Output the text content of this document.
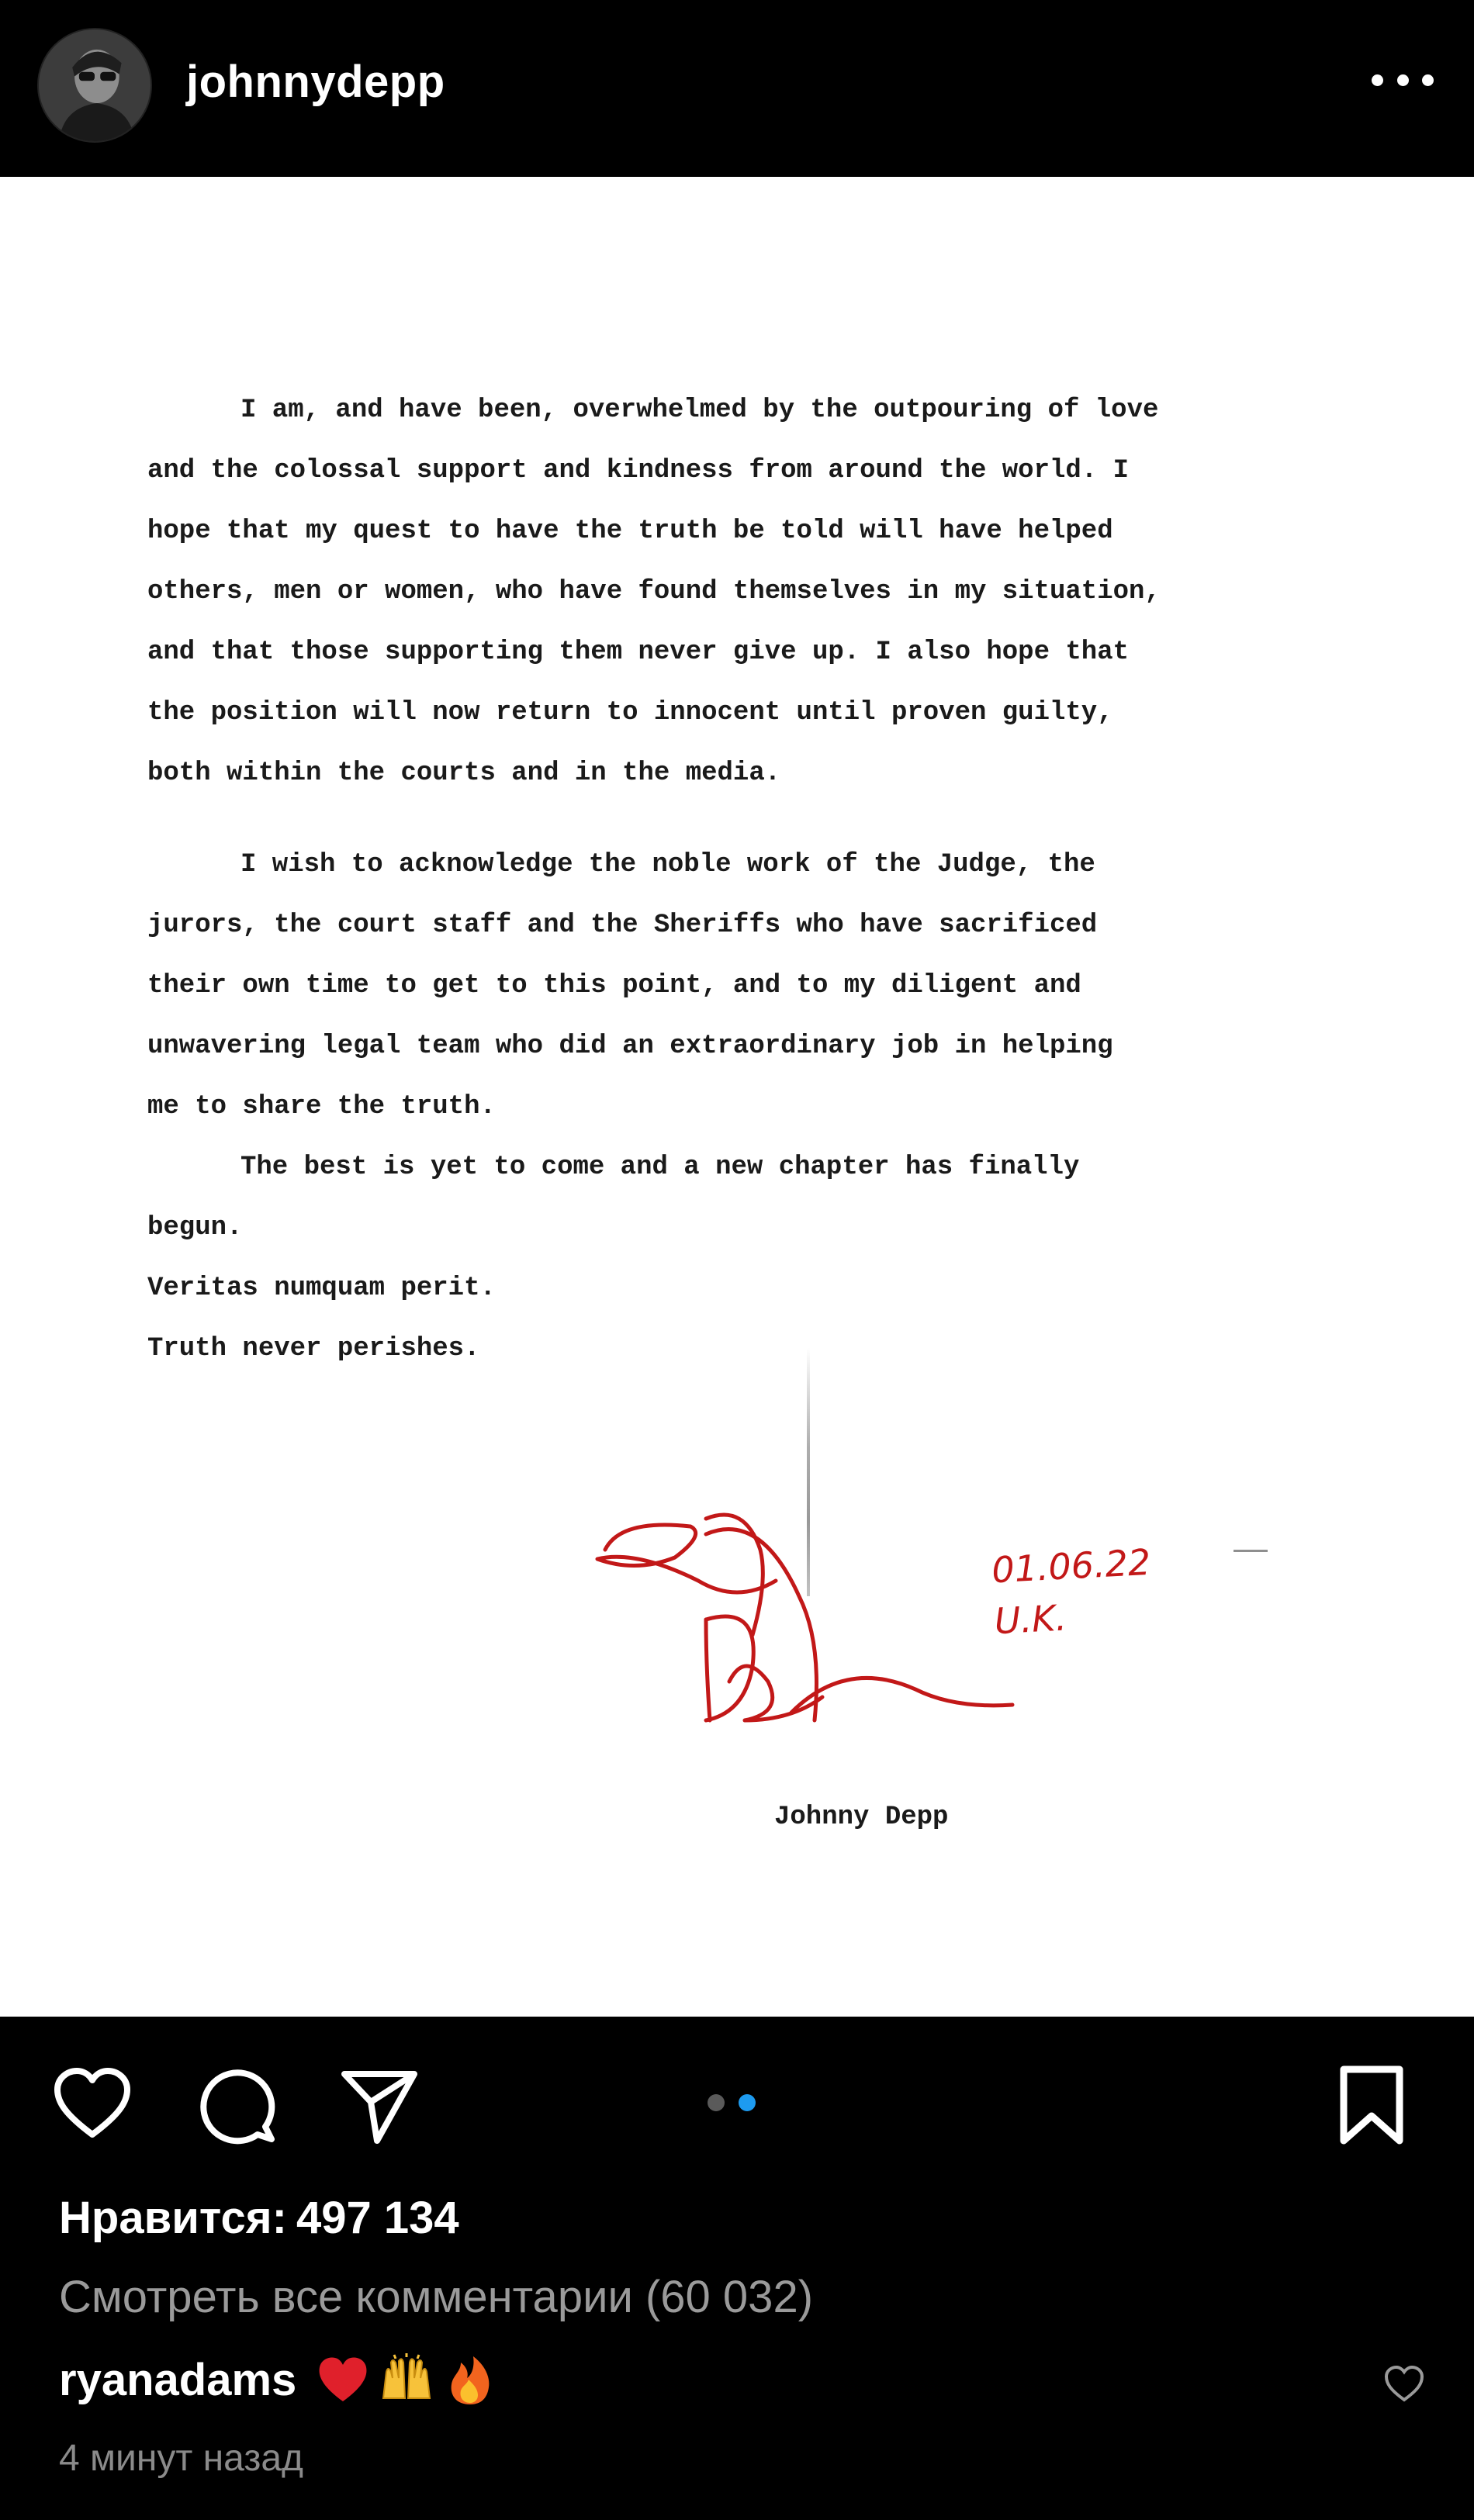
johnnydepp

I am, and have been, overwhelmed by the outpouring of love

and the colossal support and kindness from around the world. I

hope that my quest to have the truth be told will have helped

others, men or women, who have found themselves in my situation,

and that those supporting them never give up. I also hope that

the position will now return to innocent until proven guilty,

both within the courts and in the media.

I wish to acknowledge the noble work of the Judge, the

jurors, the court staff and the Sheriffs who have sacrificed

their own time to get to this point, and to my diligent and

unwavering legal team who did an extraordinary job in helping

me to share the truth.

The best is yet to come and a new chapter has finally

begun.

Veritas numquam perit.

Truth never perishes.

01.06.22
U.K.
Johnny Depp
Нравится: 497 134
Смотреть все комментарии (60 032)
ryanadams
4 минут назад
